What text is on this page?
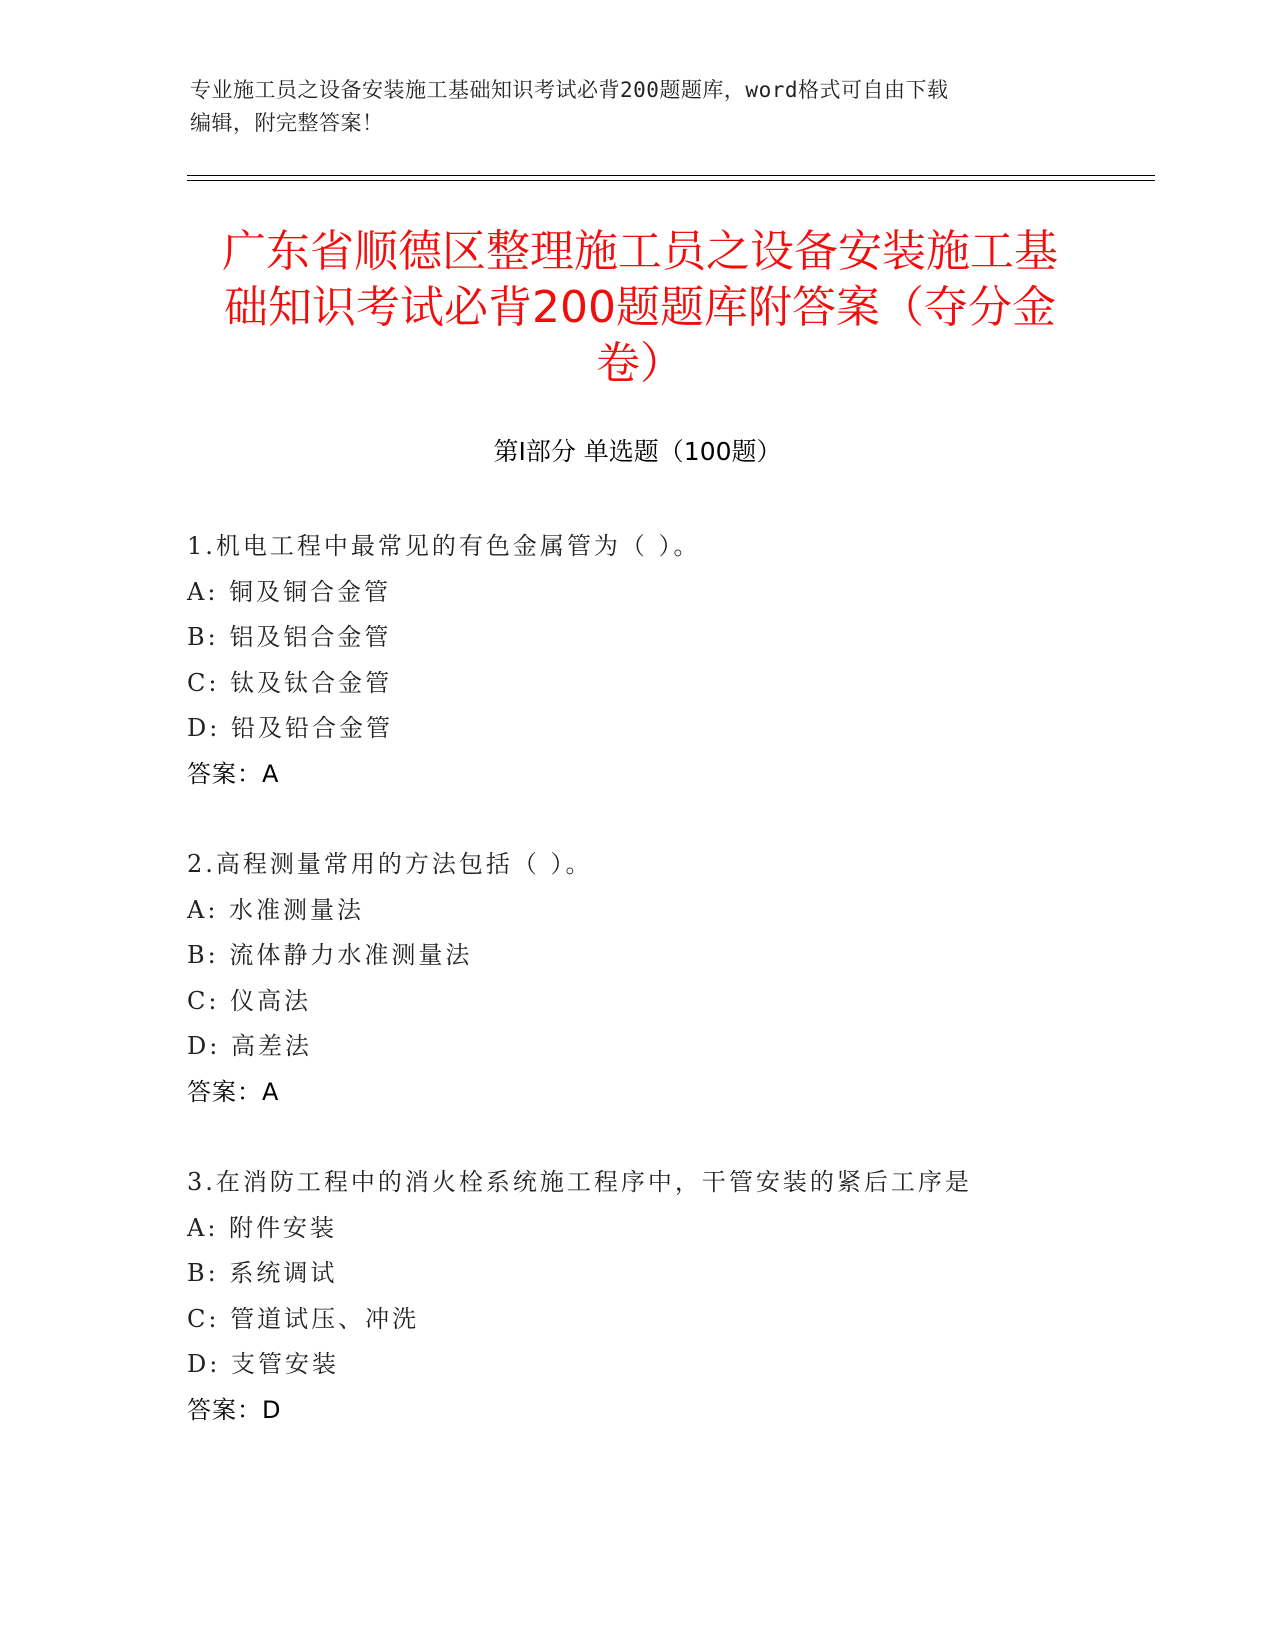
专业施工员之设备安装施工基础知识考试必背200题题库，word格式可自由下载
编辑，附完整答案！
广东省顺德区整理施工员之设备安装施工基
础知识考试必背200题题库附答案（夺分金
卷）
第Ⅰ部分 单选题（100题）
1.机电工程中最常见的有色金属管为（ ）。
A: 铜及铜合金管
B: 铝及铝合金管
C: 钛及钛合金管
D: 铅及铅合金管
答案：A
2.高程测量常用的方法包括（ ）。
A: 水准测量法
B: 流体静力水准测量法
C: 仪高法
D: 高差法
答案：A
3.在消防工程中的消火栓系统施工程序中，干管安装的紧后工序是
A: 附件安装
B: 系统调试
C: 管道试压、冲洗
D: 支管安装
答案：D
